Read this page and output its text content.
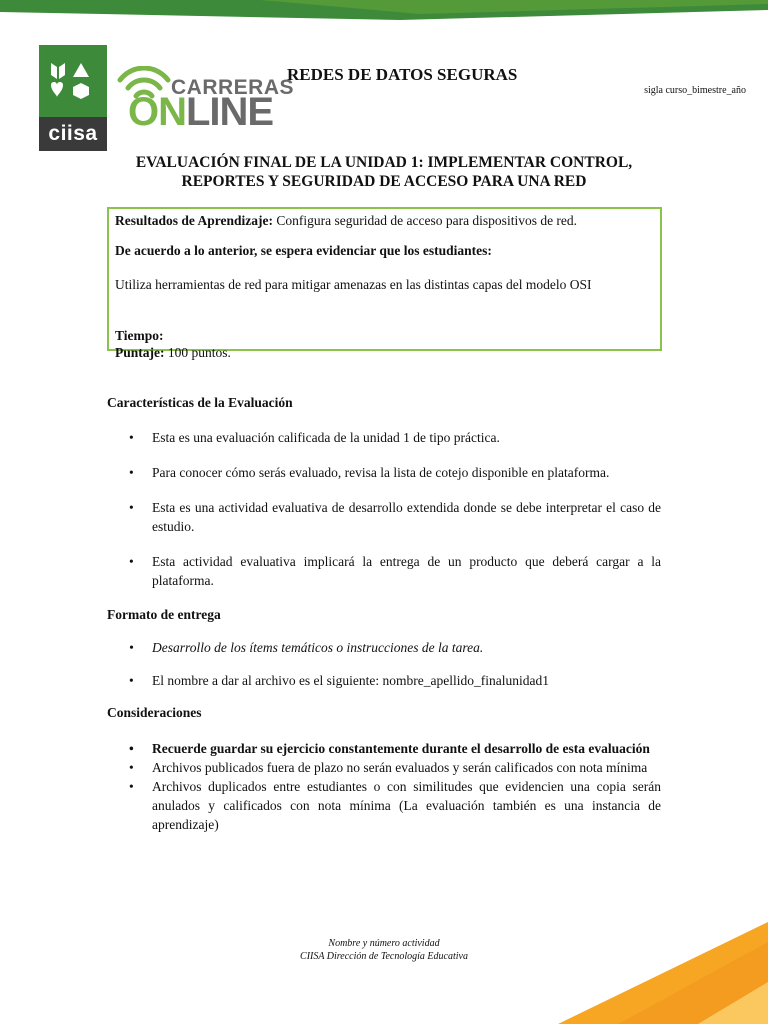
ciisa
CARRERAS
ONLINE
REDES DE DATOS SEGURAS
sigla curso_bimestre_año
EVALUACIÓN FINAL DE LA UNIDAD 1: IMPLEMENTAR CONTROL,
REPORTES Y SEGURIDAD DE ACCESO PARA UNA RED

Resultados de Aprendizaje: Configura seguridad de acceso para dispositivos de red.

De acuerdo a lo anterior, se espera evidenciar que los estudiantes:

Utiliza herramientas de red para mitigar amenazas en las distintas capas del modelo OSI

Tiempo:

Puntaje: 100 puntos.

Características de la Evaluación
• Esta es una evaluación calificada de la unidad 1 de tipo práctica.
• Para conocer cómo serás evaluado, revisa la lista de cotejo disponible en plataforma.
• Esta es una actividad evaluativa de desarrollo extendida donde se debe interpretar el caso de estudio.
• Esta actividad evaluativa implicará la entrega de un producto que deberá cargar a la plataforma.
Formato de entrega
• Desarrollo de los ítems temáticos o instrucciones de la tarea.
• El nombre a dar al archivo es el siguiente: nombre_apellido_finalunidad1
Consideraciones
• Recuerde guardar su ejercicio constantemente durante el desarrollo de esta evaluación
• Archivos publicados fuera de plazo no serán evaluados y serán calificados con nota mínima
• Archivos duplicados entre estudiantes o con similitudes que evidencien una copia serán anulados y calificados con nota mínima (La evaluación también es una instancia de aprendizaje)
Nombre y número actividad
CIISA Dirección de Tecnología Educativa
